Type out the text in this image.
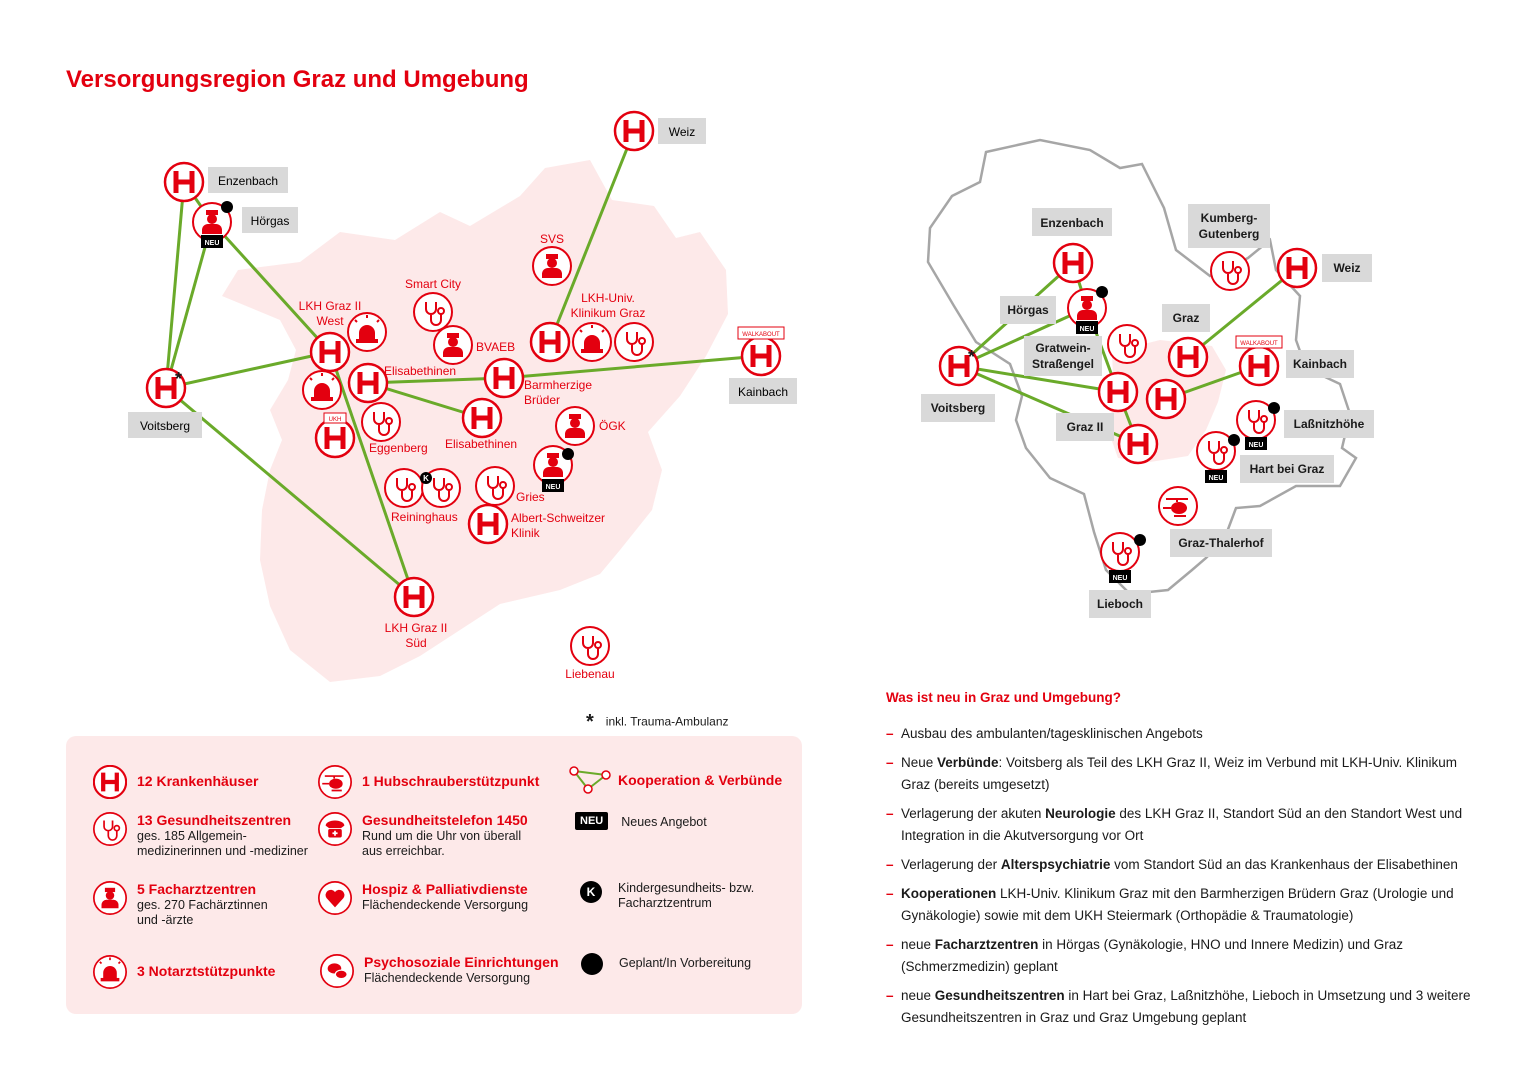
Versorgungsregion Graz und Umgebung
*
NEU
NEU
K
UKH
WALKABOUT
Enzenbach
Hörgas
Weiz
Voitsberg
Kainbach
Smart City
SVS
BVAEB
Elisabethinen
Eggenberg Elisabethinen
ÖGK
Reininghaus
Gries
Liebenau
LKH Graz II West
LKH-Univ. Klinikum Graz
Barmherzige Brüder
Albert-Schweitzer Klinik
LKH Graz II Süd
*
NEU
NEU
NEU
NEU
WALKABOUT
Enzenbach	Kumberg-Gutenberg
Weiz
Hörgas
Graz
Gratwein-Straßengel	Kainbach
Voitsberg
Graz II	Laßnitzhöhe
Hart bei Graz
Graz-Thalerhof
Lieboch
* inkl. Trauma-Ambulanz
12 Krankenhäuser
13 Gesundheitszentren
ges. 185 Allgemein-
medizinerinnen und -mediziner
5 Facharztzentren
ges. 270 Fachärztinnen
und -ärzte
3 Notarztstützpunkte
1 Hubschrauberstützpunkt
Gesundheitstelefon 1450
Rund um die Uhr von überall
aus erreichbar.
Hospiz & Palliativdienste
Flächendeckende Versorgung
Psychosoziale Einrichtungen
Flächendeckende Versorgung
Kooperation & Verbünde
NEU	Neues Angebot
K Kindergesundheits- bzw.
Facharztzentrum
Geplant/In Vorbereitung
Was ist neu in Graz und Umgebung?
– Ausbau des ambulanten/tagesklinischen Angebots
– Neue Verbünde: Voitsberg als Teil des LKH Graz II, Weiz im Verbund mit LKH-Univ. Klinikum Graz (bereits umgesetzt)
– Verlagerung der akuten Neurologie des LKH Graz II, Standort Süd an den Standort West und Integration in die Akutversorgung vor Ort
– Verlagerung der Alterspsychiatrie vom Standort Süd an das Krankenhaus der Elisabethinen
– Kooperationen LKH-Univ. Klinikum Graz mit den Barmherzigen Brüdern Graz (Urologie und Gynäkologie) sowie mit dem UKH Steiermark (Orthopädie & Traumatologie)
– neue Facharztzentren in Hörgas (Gynäkologie, HNO und Innere Medizin) und Graz (Schmerzmedizin) geplant
– neue Gesundheitszentren in Hart bei Graz, Laßnitzhöhe, Lieboch in Umsetzung und 3 weitere Gesundheitszentren in Graz und Graz Umgebung geplant
